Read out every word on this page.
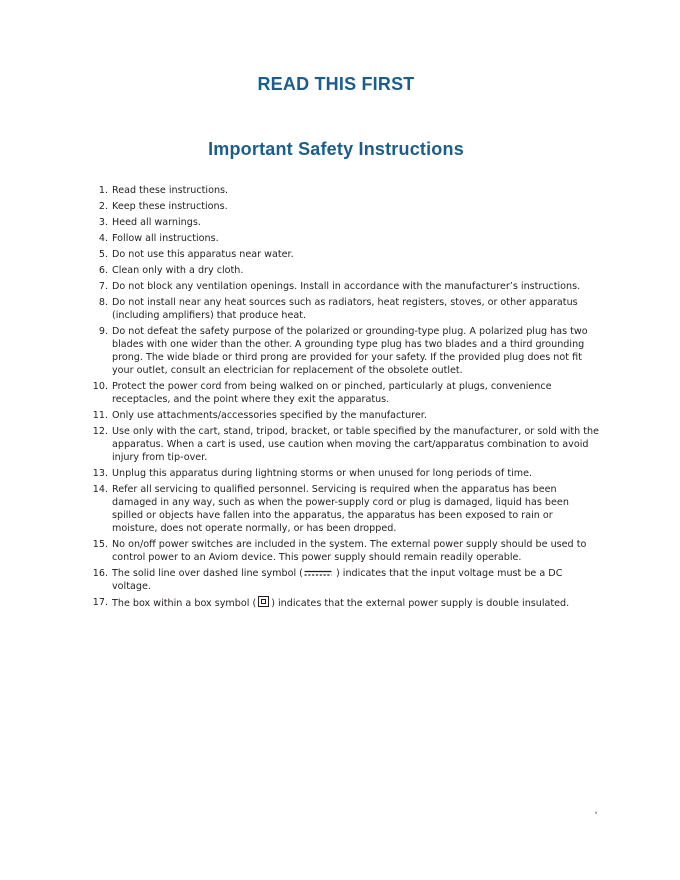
READ THIS FIRST
Important Safety Instructions
1. Read these instructions.
2. Keep these instructions.
3. Heed all warnings.
4. Follow all instructions.
5. Do not use this apparatus near water.
6. Clean only with a dry cloth.
7. Do not block any ventilation openings. Install in accordance with the manufacturer’s instructions.
8. Do not install near any heat sources such as radiators, heat registers, stoves, or other apparatus (including amplifiers) that produce heat.
9. Do not defeat the safety purpose of the polarized or grounding-type plug. A polarized plug has two blades with one wider than the other. A grounding type plug has two blades and a third grounding prong. The wide blade or third prong are provided for your safety. If the provided plug does not fit your outlet, consult an electrician for replacement of the obsolete outlet.
10. Protect the power cord from being walked on or pinched, particularly at plugs, convenience receptacles, and the point where they exit the apparatus.
11. Only use attachments/accessories specified by the manufacturer.
12. Use only with the cart, stand, tripod, bracket, or table specified by the manufacturer, or sold with the apparatus. When a cart is used, use caution when moving the cart/apparatus combination to avoid injury from tip-over.
13. Unplug this apparatus during lightning storms or when unused for long periods of time.
14. Refer all servicing to qualified personnel. Servicing is required when the apparatus has been damaged in any way, such as when the power-supply cord or plug is damaged, liquid has been spilled or objects have fallen into the apparatus, the apparatus has been exposed to rain or moisture, does not operate normally, or has been dropped.
15. No on/off power switches are included in the system. The external power supply should be used to control power to an Aviom device. This power supply should remain readily operable.
16. The solid line over dashed line symbol (	) indicates that the input voltage must be a DC voltage.
17. The box within a box symbol ( ) indicates that the external power supply is double insulated.
v
